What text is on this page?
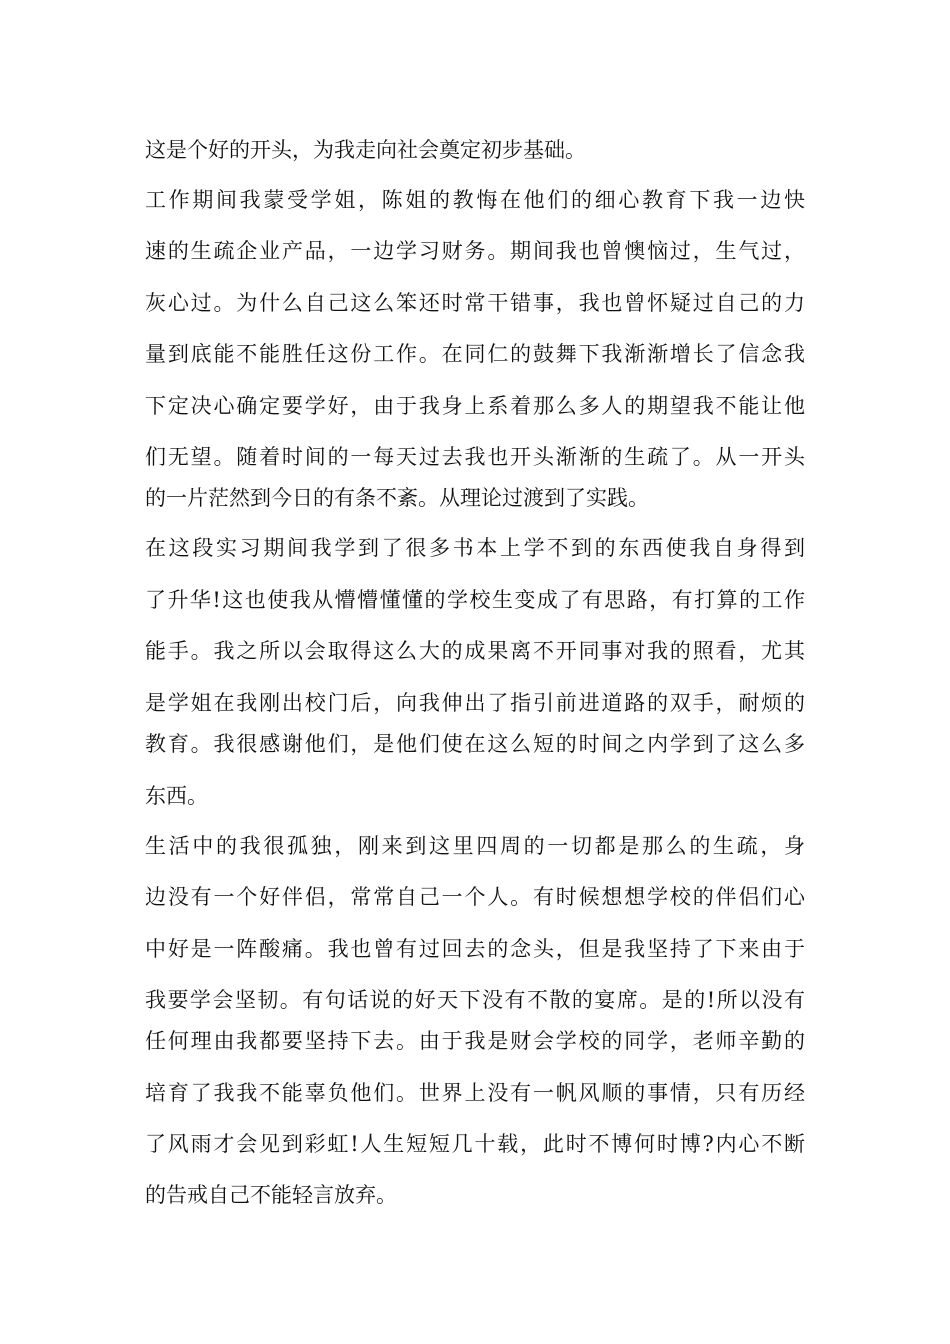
这是个好的开头，为我走向社会奠定初步基础。
工作期间我蒙受学姐，陈姐的教悔在他们的细心教育下我一边快
速的生疏企业产品，一边学习财务。期间我也曾懊恼过，生气过，
灰心过。为什么自己这么笨还时常干错事，我也曾怀疑过自己的力
量到底能不能胜任这份工作。在同仁的鼓舞下我渐渐增长了信念我
下定决心确定要学好，由于我身上系着那么多人的期望我不能让他
们无望。随着时间的一每天过去我也开头渐渐的生疏了。从一开头
的一片茫然到今日的有条不紊。从理论过渡到了实践。
在这段实习期间我学到了很多书本上学不到的东西使我自身得到
了升华!这也使我从懵懵懂懂的学校生变成了有思路，有打算的工作
能手。我之所以会取得这么大的成果离不开同事对我的照看，尤其
是学姐在我刚出校门后，向我伸出了指引前进道路的双手，耐烦的
教育。我很感谢他们，是他们使在这么短的时间之内学到了这么多
东西。
生活中的我很孤独，刚来到这里四周的一切都是那么的生疏，身
边没有一个好伴侣，常常自己一个人。有时候想想学校的伴侣们心
中好是一阵酸痛。我也曾有过回去的念头，但是我坚持了下来由于
我要学会坚韧。有句话说的好天下没有不散的宴席。是的!所以没有
任何理由我都要坚持下去。由于我是财会学校的同学，老师辛勤的
培育了我我不能辜负他们。世界上没有一帆风顺的事情，只有历经
了风雨才会见到彩虹!人生短短几十载，此时不博何时博?内心不断
的告戒自己不能轻言放弃。
